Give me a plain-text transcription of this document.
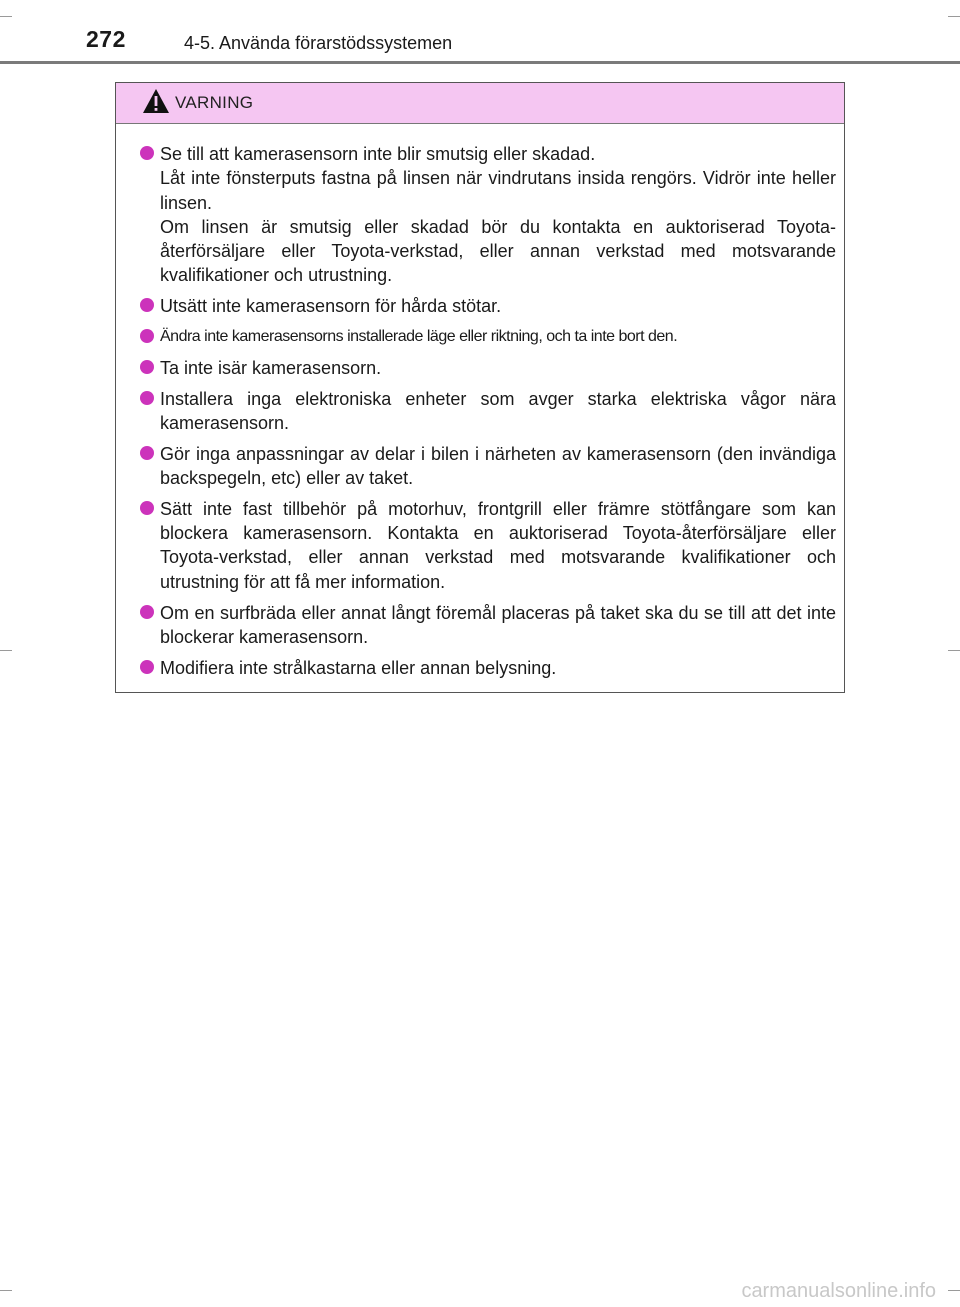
272	4-5. Använda förarstödssystemen
VARNING
Se till att kamerasensorn inte blir smutsig eller skadad.
Låt inte fönsterputs fastna på linsen när vindrutans insida rengörs. Vidrör inte heller linsen.
Om linsen är smutsig eller skadad bör du kontakta en auktoriserad Toyota-återförsäljare eller Toyota-verkstad, eller annan verkstad med motsvarande kvalifikationer och utrustning.
Utsätt inte kamerasensorn för hårda stötar.
Ändra inte kamerasensorns installerade läge eller riktning, och ta inte bort den.
Ta inte isär kamerasensorn.
Installera inga elektroniska enheter som avger starka elektriska vågor nära kamerasensorn.
Gör inga anpassningar av delar i bilen i närheten av kamerasensorn (den invändiga backspegeln, etc) eller av taket.
Sätt inte fast tillbehör på motorhuv, frontgrill eller främre stötfångare som kan blockera kamerasensorn. Kontakta en auktoriserad Toyota-återförsäljare eller Toyota-verkstad, eller annan verkstad med motsvarande kvalifikationer och utrustning för att få mer information.
Om en surfbräda eller annat långt föremål placeras på taket ska du se till att det inte blockerar kamerasensorn.
Modifiera inte strålkastarna eller annan belysning.
carmanualsonline.info
